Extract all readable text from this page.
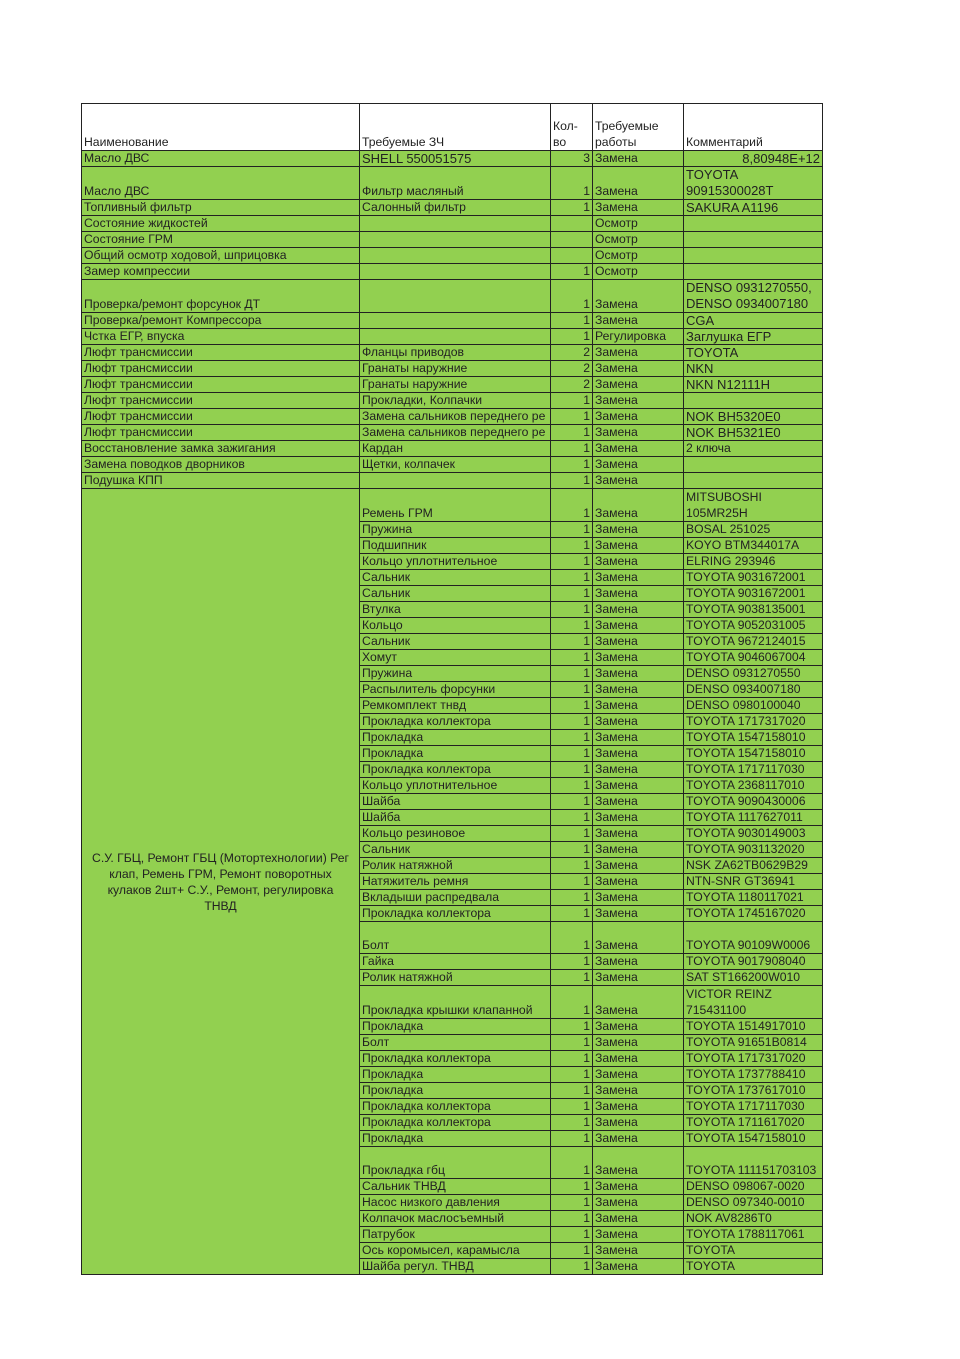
Наименование	Требуемые ЗЧ	Кол-во	Требуемые работы	Комментарий
Масло ДВС	SHELL 550051575	3	Замена	8,80948E+12
Масло ДВС	Фильтр масляный	1	Замена	TOYOTA 90915300028T
Топливный фильтр	Салонный фильтр	1	Замена	SAKURA A1196
Состояние жидкостей			Осмотр	
Состояние ГРМ			Осмотр	
Общий осмотр ходовой, шприцовка			Осмотр	
Замер компрессии		1	Осмотр	
Проверка/ремонт форсунок ДТ		1	Замена	DENSO 0931270550, DENSO 0934007180
Проверка/ремонт Компрессора		1	Замена	CGA
Чстка ЕГР, впуска		1	Регулировка	Заглушка ЕГР
Люфт трансмиссии	Фланцы приводов	2	Замена	TOYOTA
Люфт трансмиссии	Гранаты наружние	2	Замена	NKN
Люфт трансмиссии	Гранаты наружние	2	Замена	NKN N12111H
Люфт трансмиссии	Прокладки, Колпачки	1	Замена	
Люфт трансмиссии	Замена сальников переднего ре	1	Замена	NOK BH5320E0
Люфт трансмиссии	Замена сальников переднего ре	1	Замена	NOK BH5321E0
Восстановление замка зажигания	Кардан	1	Замена	2 ключа
Замена поводков дворников	Щетки, колпачек	1	Замена	
Подушка КПП		1	Замена	
С.У. ГБЦ, Ремонт ГБЦ (Мотортехнологии) Рег клап, Ремень ГРМ, Ремонт поворотных кулаков 2шт+ С.У., Ремонт, регулировка ТНВД	Ремень ГРМ	1	Замена	MITSUBOSHI 105MR25H
	Пружина	1	Замена	BOSAL 251025
	Подшипник	1	Замена	KOYO BTM344017A
	Кольцо уплотнительное	1	Замена	ELRING 293946
	Сальник	1	Замена	TOYOTA 9031672001
	Сальник	1	Замена	TOYOTA 9031672001
	Втулка	1	Замена	TOYOTA 9038135001
	Кольцо	1	Замена	TOYOTA 9052031005
	Сальник	1	Замена	TOYOTA 9672124015
	Хомут	1	Замена	TOYOTA 9046067004
	Пружина	1	Замена	DENSO 0931270550
	Распылитель форсунки	1	Замена	DENSO 0934007180
	Ремкомплект тнвд	1	Замена	DENSO 0980100040
	Прокладка коллектора	1	Замена	TOYOTA 1717317020
	Прокладка	1	Замена	TOYOTA 1547158010
	Прокладка	1	Замена	TOYOTA 1547158010
	Прокладка коллектора	1	Замена	TOYOTA 1717117030
	Кольцо уплотнительное	1	Замена	TOYOTA 2368117010
	Шайба	1	Замена	TOYOTA 9090430006
	Шайба	1	Замена	TOYOTA 1117627011
	Кольцо резиновое	1	Замена	TOYOTA 9030149003
	Сальник	1	Замена	TOYOTA 9031132020
	Ролик натяжной	1	Замена	NSK ZA62TB0629B29
	Натяжитель ремня	1	Замена	NTN-SNR GT36941
	Вкладыши распредвала	1	Замена	TOYOTA 1180117021
	Прокладка коллектора	1	Замена	TOYOTA 1745167020
	Болт	1	Замена	TOYOTA 90109W0006
	Гайка	1	Замена	TOYOTA 9017908040
	Ролик натяжной	1	Замена	SAT ST166200W010
	Прокладка крышки клапанной	1	Замена	VICTOR REINZ 715431100
	Прокладка	1	Замена	TOYOTA 1514917010
	Болт	1	Замена	TOYOTA 91651B0814
	Прокладка коллектора	1	Замена	TOYOTA 1717317020
	Прокладка	1	Замена	TOYOTA 1737788410
	Прокладка	1	Замена	TOYOTA 1737617010
	Прокладка коллектора	1	Замена	TOYOTA 1717117030
	Прокладка коллектора	1	Замена	TOYOTA 1711617020
	Прокладка	1	Замена	TOYOTA 1547158010
	Прокладка гбц	1	Замена	TOYOTA 111151703103
	Сальник ТНВД	1	Замена	DENSO 098067-0020
	Насос низкого давления	1	Замена	DENSO 097340-0010
	Колпачок маслосъемный	1	Замена	NOK AV8286T0
	Патрубок	1	Замена	TOYOTA 1788117061
	Ось коромысел, карамысла	1	Замена	TOYOTA
	Шайба регул. ТНВД	1	Замена	TOYOTA
